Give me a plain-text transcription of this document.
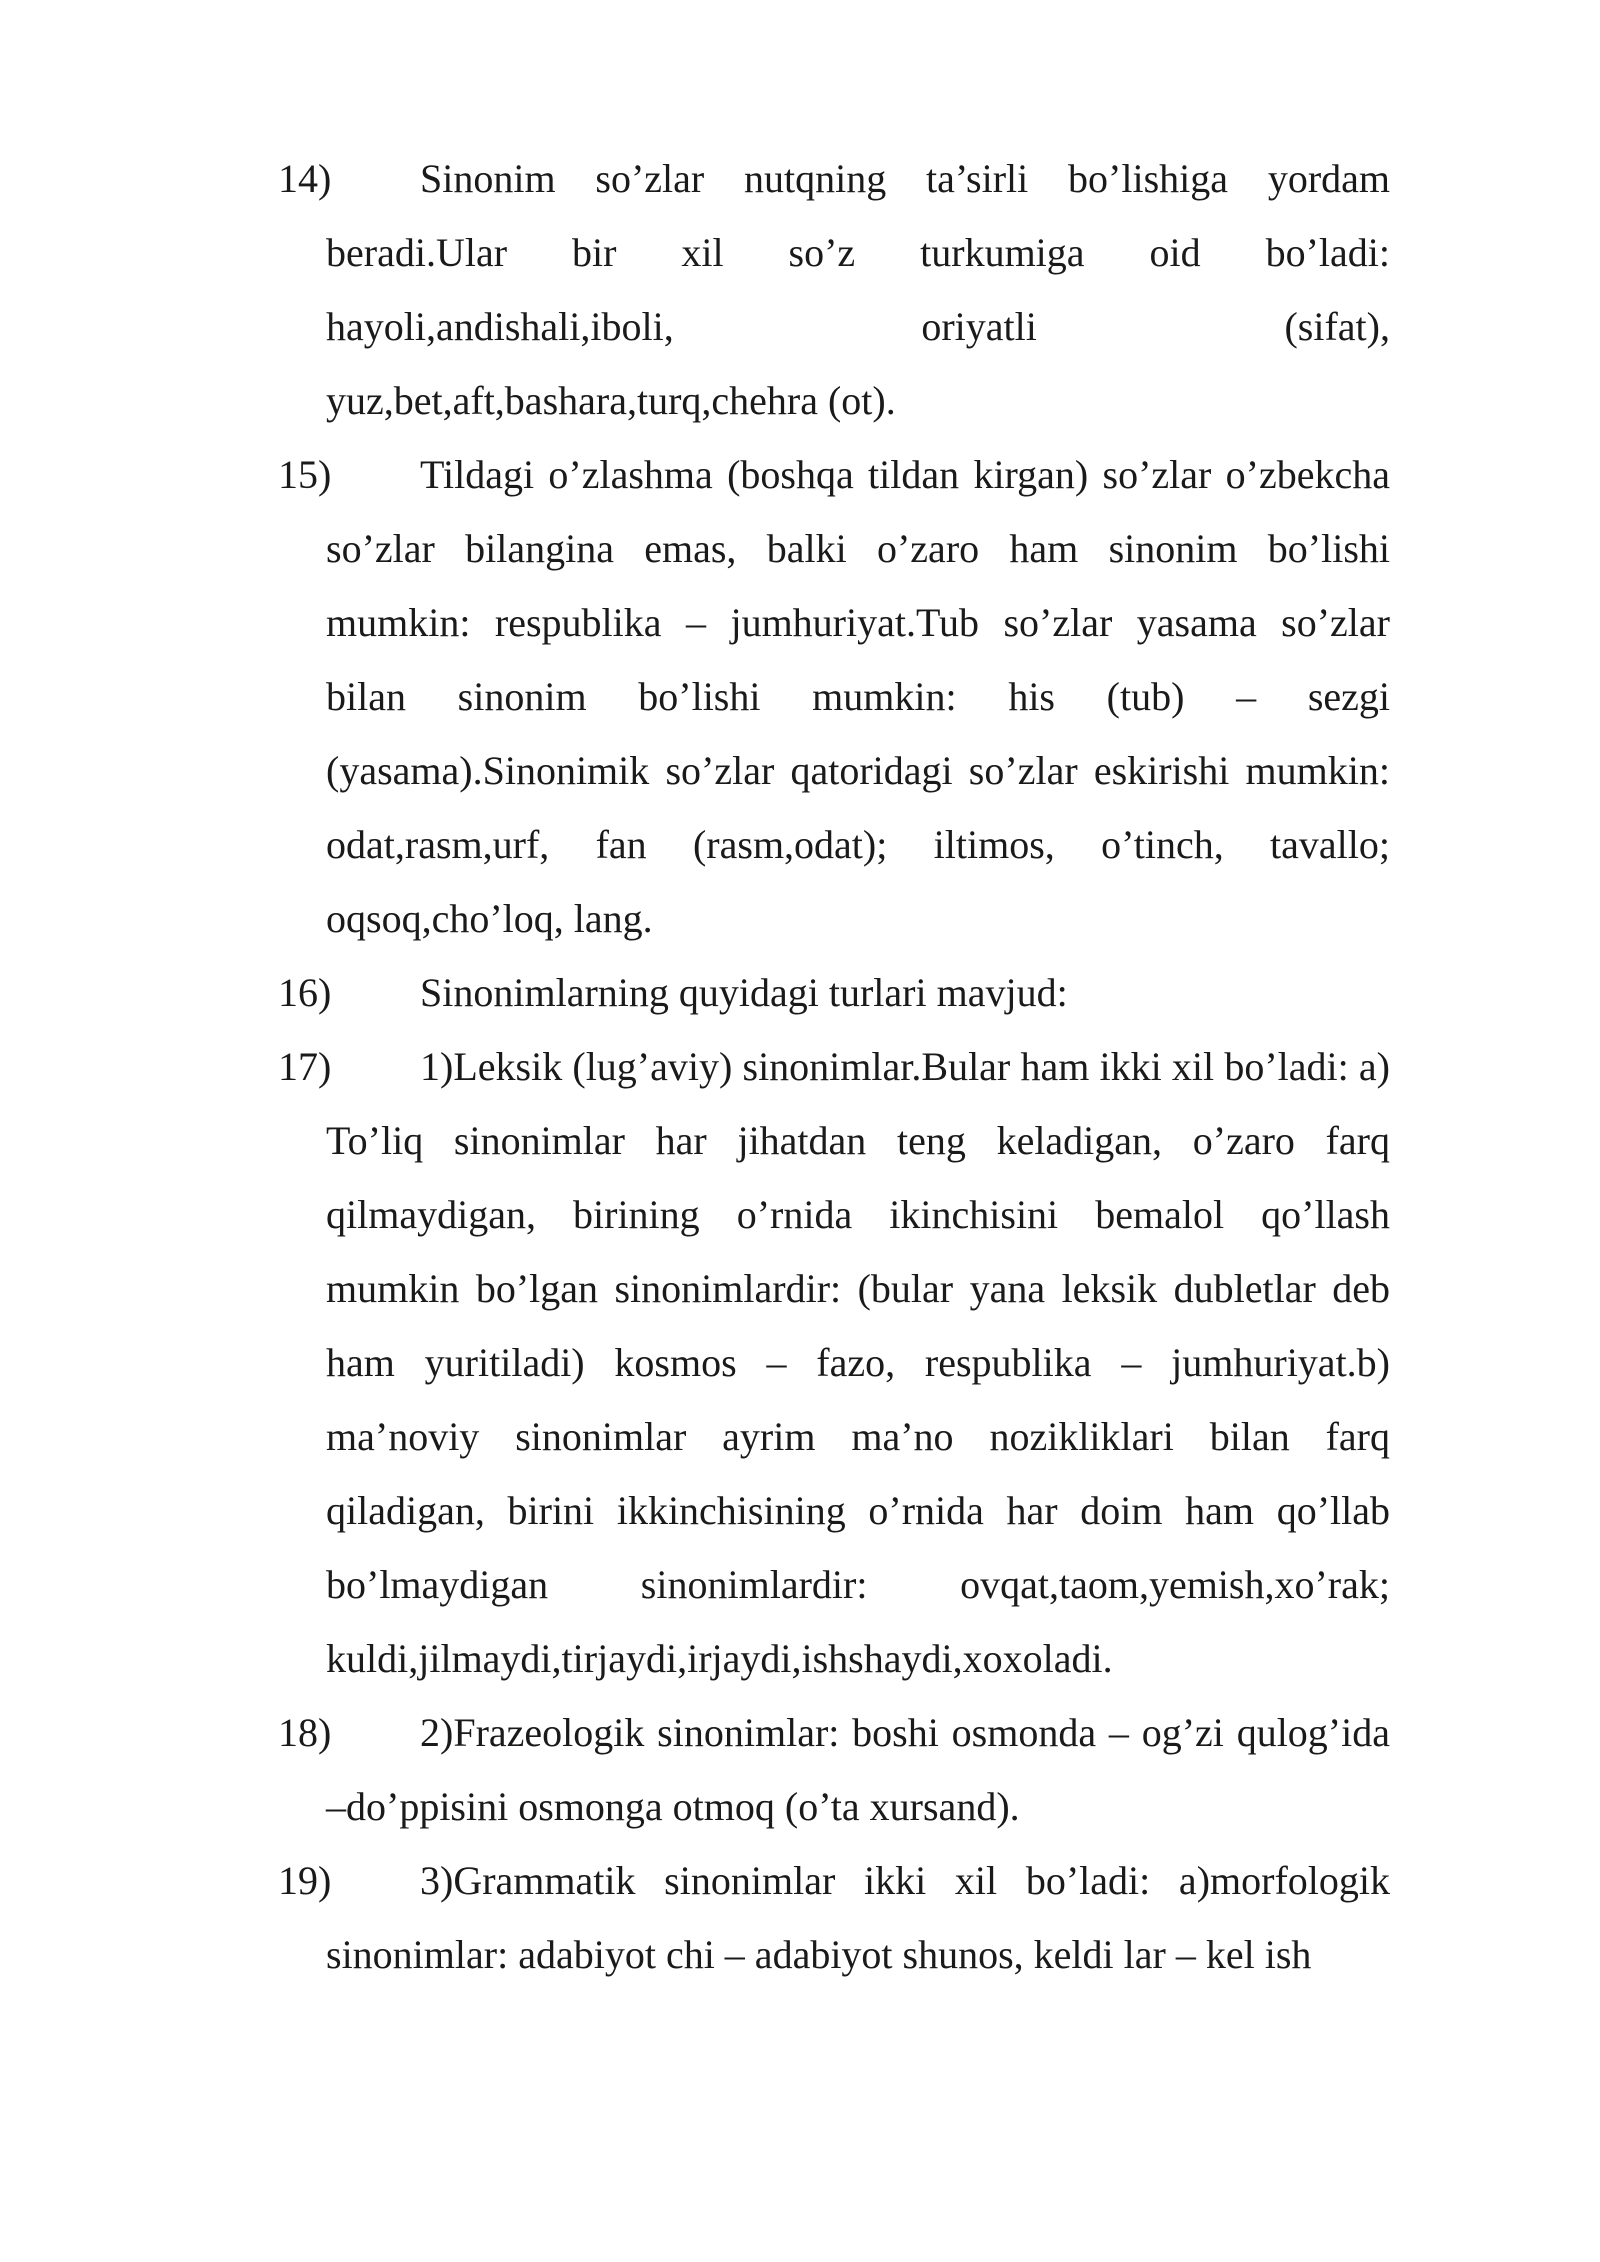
14) Sinonim so’zlar nutqning ta’sirli bo’lishiga yordam beradi.Ular bir xil so’z turkumiga oid bo’ladi: hayoli,andishali,iboli, oriyatli (sifat), yuz,bet,aft,bashara,turq,chehra (ot).
15) Tildagi o’zlashma (boshqa tildan kirgan) so’zlar o’zbekcha so’zlar bilangina emas, balki o’zaro ham sinonim bo’lishi mumkin: respublika – jumhuriyat.Tub so’zlar yasama so’zlar bilan sinonim bo’lishi mumkin: his (tub) – sezgi (yasama).Sinonimik so’zlar qatoridagi so’zlar eskirishi mumkin: odat,rasm,urf, fan (rasm,odat); iltimos, o’tinch, tavallo; oqsoq,cho’loq, lang.
16) Sinonimlarning quyidagi turlari mavjud:
17) 1)Leksik (lug’aviy) sinonimlar.Bular ham ikki xil bo’ladi: a) To’liq sinonimlar har jihatdan teng keladigan, o’zaro farq qilmaydigan, birining o’rnida ikinchisini bemalol qo’llash mumkin bo’lgan sinonimlardir: (bular yana leksik dubletlar deb ham yuritiladi) kosmos – fazo, respublika – jumhuriyat.b) ma’noviy sinonimlar ayrim ma’no nozikliklari bilan farq qiladigan, birini ikkinchisining o’rnida har doim ham qo’llab bo’lmaydigan sinonimlardir: ovqat,taom,yemish,xo’rak; kuldi,jilmaydi,tirjaydi,irjaydi,ishshaydi,xoxoladi.
18) 2)Frazeologik sinonimlar: boshi osmonda – og’zi qulog’ida –do’ppisini osmonga otmoq (o’ta xursand).
19) 3)Grammatik sinonimlar ikki xil bo’ladi: a)morfologik sinonimlar: adabiyot chi – adabiyot shunos, keldi lar – kel ish
